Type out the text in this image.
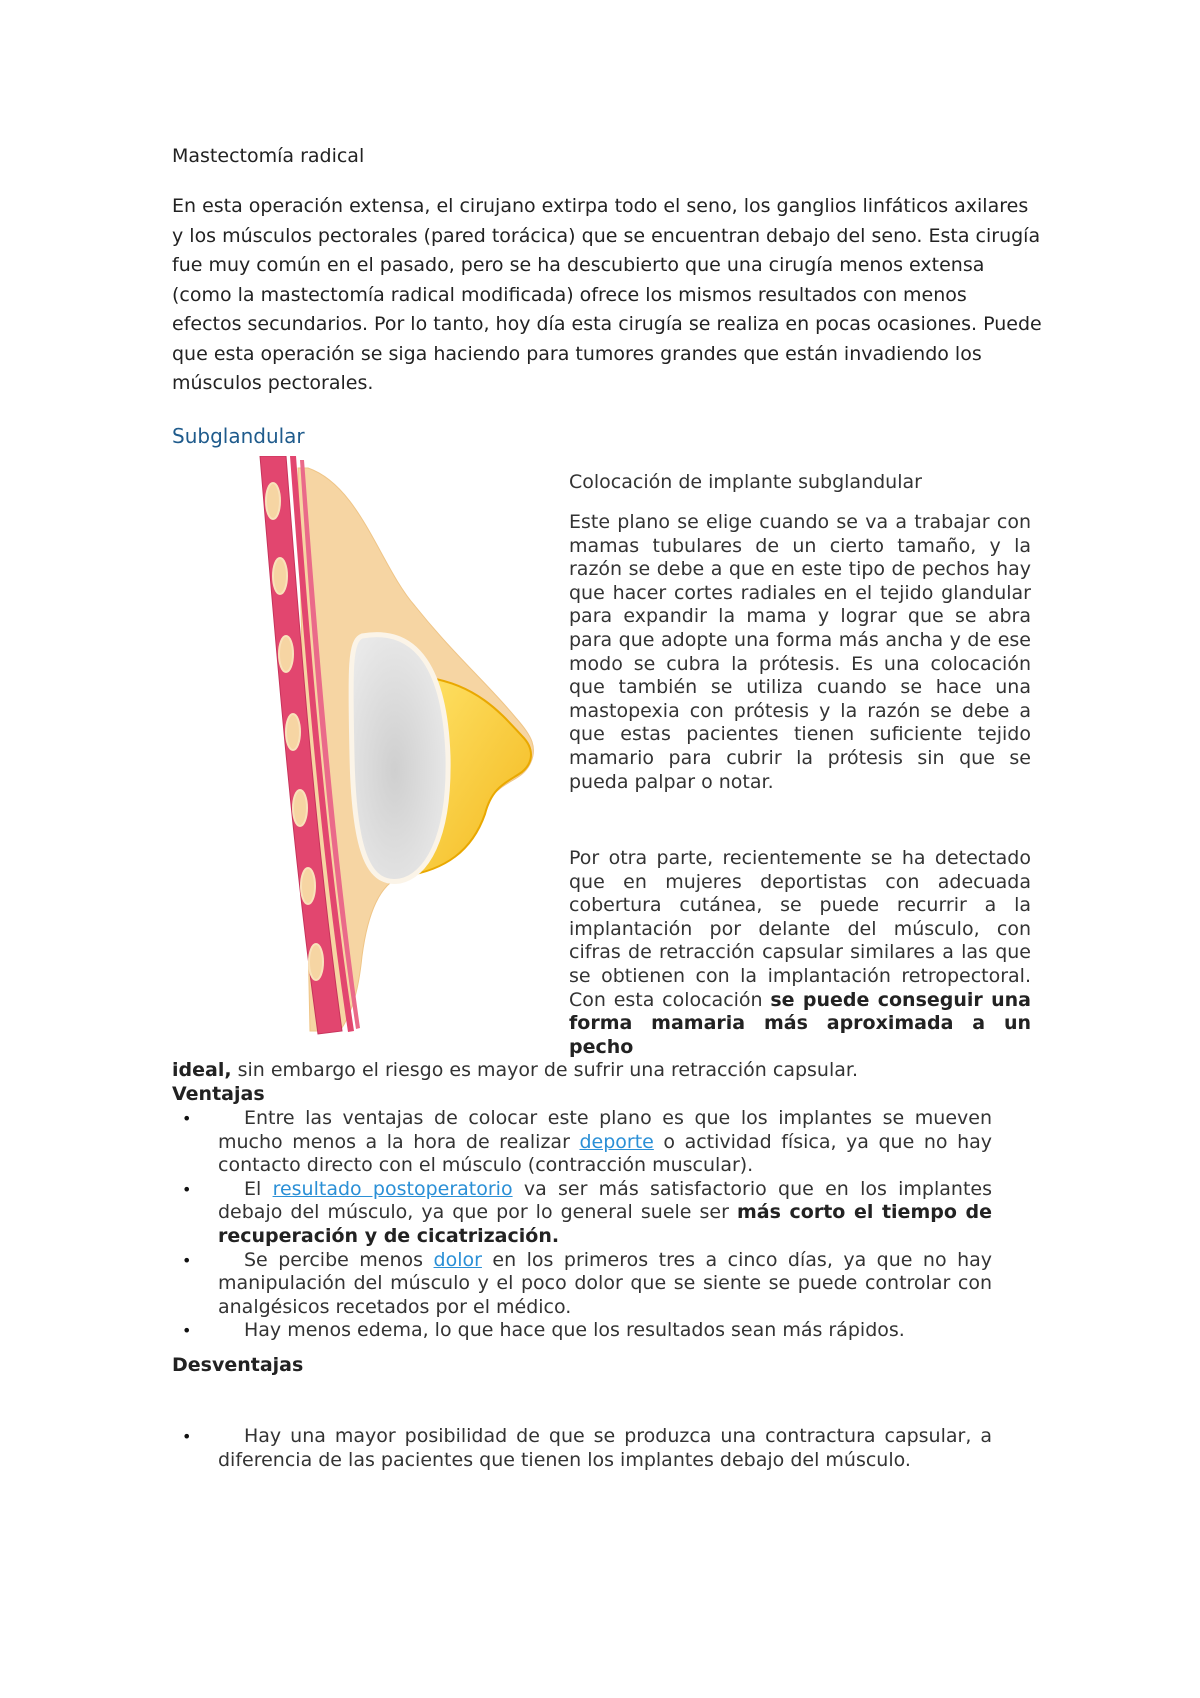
Mastectomía radical

En esta operación extensa, el cirujano extirpa todo el seno, los ganglios linfáticos axilares y los músculos pectorales (pared torácica) que se encuentran debajo del seno. Esta cirugía fue muy común en el pasado, pero se ha descubierto que una cirugía menos extensa (como la mastectomía radical modificada) ofrece los mismos resultados con menos efectos secundarios. Por lo tanto, hoy día esta cirugía se realiza en pocas ocasiones. Puede que esta operación se siga haciendo para tumores grandes que están invadiendo los músculos pectorales.

Subglandular

Colocación de implante subglandular

Este plano se elige cuando se va a trabajar con mamas tubulares de un cierto tamaño, y la razón se debe a que en este tipo de pechos hay que hacer cortes radiales en el tejido glandular para expandir la mama y lograr que se abra para que adopte una forma más ancha y de ese modo se cubra la prótesis. Es una colocación que también se utiliza cuando se hace una mastopexia con prótesis y la razón se debe a que estas pacientes tienen suficiente tejido mamario para cubrir la prótesis sin que se pueda palpar o notar.

Por otra parte, recientemente se ha detectado que en mujeres deportistas con adecuada cobertura cutánea, se puede recurrir a la implantación por delante del músculo, con cifras de retracción capsular similares a las que se obtienen con la implantación retropectoral. Con esta colocación se puede conseguir una forma mamaria más aproximada a un pecho

ideal, sin embargo el riesgo es mayor de sufrir una retracción capsular.

Ventajas

•	Entre las ventajas de colocar este plano es que los implantes se mueven mucho menos a la hora de realizar deporte o actividad física, ya que no hay contacto directo con el músculo (contracción muscular).
•	El resultado postoperatorio va ser más satisfactorio que en los implantes debajo del músculo, ya que por lo general suele ser más corto el tiempo de recuperación y de cicatrización.
•	Se percibe menos dolor en los primeros tres a cinco días, ya que no hay manipulación del músculo y el poco dolor que se siente se puede controlar con analgésicos recetados por el médico.
•	Hay menos edema, lo que hace que los resultados sean más rápidos.

Desventajas

•	Hay una mayor posibilidad de que se produzca una contractura capsular, a diferencia de las pacientes que tienen los implantes debajo del músculo.
